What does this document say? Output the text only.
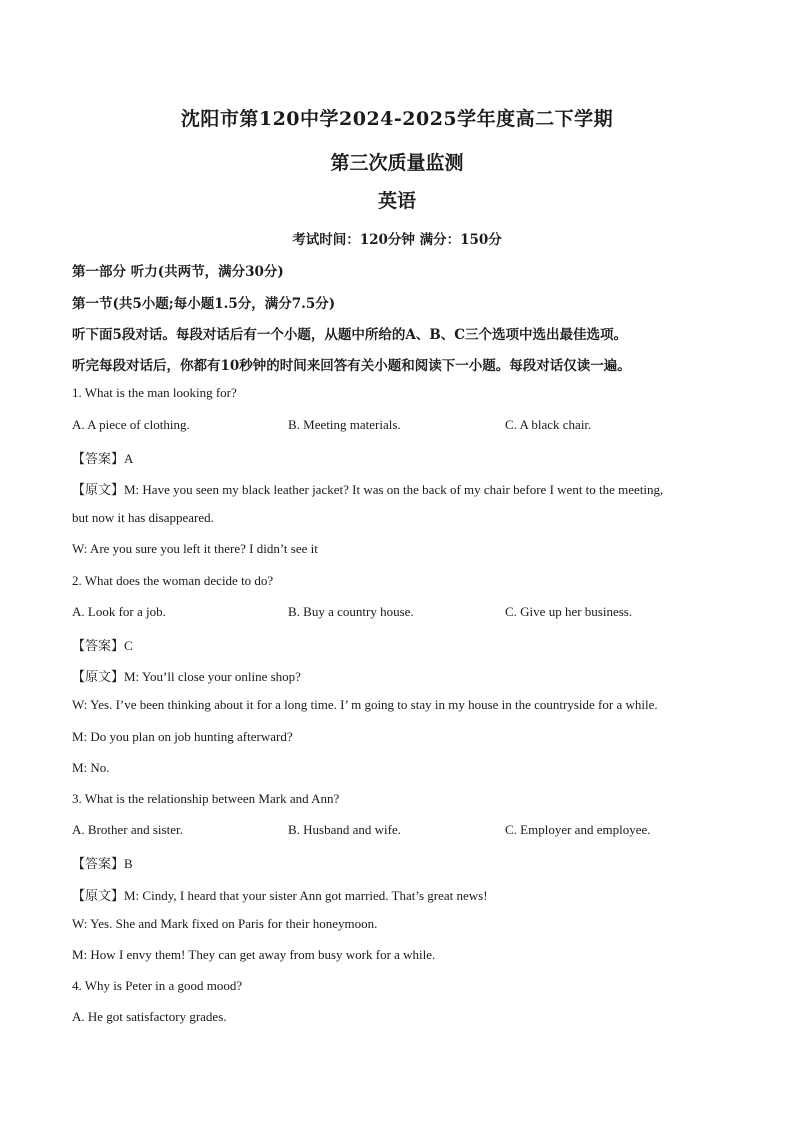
沈阳市第120中学2024-2025学年度高二下学期
第三次质量监测
英语
考试时间：120分钟 满分：150分
第一部分 听力(共两节，满分30分)
第一节(共5小题;每小题1.5分，满分7.5分)
听下面5段对话。每段对话后有一个小题，从题中所给的A、B、C三个选项中选出最佳选项。
听完每段对话后，你都有10秒钟的时间来回答有关小题和阅读下一小题。每段对话仅读一遍。
1. What is the man looking for?
A. A piece of clothing.	B. Meeting materials.	C. A black chair.
【答案】A
【原文】M: Have you seen my black leather jacket? It was on the back of my chair before I went to the meeting,
but now it has disappeared.
W: Are you sure you left it there? I didn’t see it
2. What does the woman decide to do?
A. Look for a job.	B. Buy a country house.	C. Give up her business.
【答案】C
【原文】M: You’ll close your online shop?
W: Yes. I’ve been thinking about it for a long time. I’ m going to stay in my house in the countryside for a while.
M: Do you plan on job hunting afterward?
M: No.
3. What is the relationship between Mark and Ann?
A. Brother and sister.	B. Husband and wife.	C. Employer and employee.
【答案】B
【原文】M: Cindy, I heard that your sister Ann got married. That’s great news!
W: Yes. She and Mark fixed on Paris for their honeymoon.
M: How I envy them! They can get away from busy work for a while.
4. Why is Peter in a good mood?
A. He got satisfactory grades.
